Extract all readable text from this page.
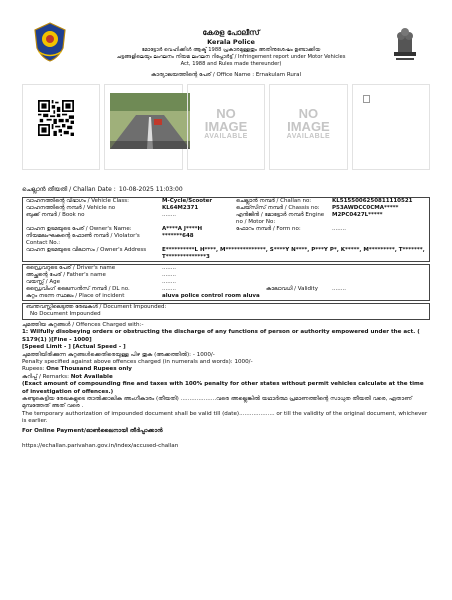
കേരള പോലീസ്
Kerala Police
മോട്ടോർ വെഹിക്കിൾ ആക്ട് 1988 പ്രകാരമുള്ളതും അതിനുശേഷം ഉണ്ടാക്കിയ
ചട്ടങ്ങളിലെയും ലംഘനം നിയമ ലംഘന റിപ്പോർട്ട് / Infringement report under Motor Vehicles
Act, 1988 and Rules made thereunder)
കാര്യാലയത്തിന്റെ പേര് / Office Name : Ernakulam Rural
NO
IMAGE
AVAILABLE
NO
IMAGE
AVAILABLE
ചെല്ലാൻ തീയതി / Challan Date : 10-08-2025 11:03:00
വാഹനത്തിന്റെ വിഭാഗം / Vehicle Class:	M-Cycle/Scooter	ചെല്ലാൻ നമ്പർ / Challan no:	KL5155006250811110521
വാഹനത്തിന്റെ നമ്പർ / Vehicle no	KL64M2371	ചെയ്സിസ് നമ്പർ / Chassis no:	P53AWDCC0CMA*****
ബുക്ക് നമ്പർ / Book no	........	എൻജിൻ / മോട്ടോർ നമ്പർ Engine no / Motor No:
M2PC0427L*****
വാഹന ഉടമയുടെ പേര് / Owner's Name:	A****A J****H	ഫോറം നമ്പർ / Form no:	........
നിയമലംഘകന്റെ ഫോൺ നമ്പർ / Violator's Contact No.:
*******648
വാഹന ഉടമയുടെ വിലാസം / Owner's Address	E**********L H****, M**************, S****Y N****, P***Y P*, K*****, M*********, T*******, T**************3
ഡ്രൈവറുടെ പേര് / Driver's name	........
അച്ഛന്റെ പേര് / Father's name	........
വയസ്സ് / Age	........
ഡ്രൈവിംഗ് ലൈസൻസ് നമ്പർ / DL no.	........	കാലാവധി / Validity	........
കുറ്റം നടന്ന സ്ഥലം / Place of incident	aluva police control room aluva
ബന്തവസ്സിലെടുത്ത രേഖകൾ / Document Impounded:
No Document Impounded
ചുമത്തിയ കുറ്റങ്ങൾ / Offences Charged with:-
1: Wilfully disobeying orders or obstructing the discharge of any functions of person or authority empowered under the act. ( S179(1) )[Fine - 1000]
[Speed Limit - ] [Actual Speed - ]
ചുമത്തിയിരിക്കുന്ന കുറ്റങ്ങൾക്കെതിരെയുള്ള പിഴ തുക (അക്കത്തിൽ): - 1000/-
Penalty specified against above offences charged (in numerals and words): 1000/-
Rupees: One Thousand Rupees only
കുറിപ്പ് / Remarks: Not Available
(Exact amount of compounding fine and taxes with 100% penalty for other states without permit vehicles calculate at the time of investigation of offences.)
കണ്ടുകെട്ടിയ രേഖകളുടെ താൽക്കാലിക അംഗീകാരം (തീയതി) ....................വരെ അല്ലെങ്കിൽ യഥാർത്ഥ പ്രമാണത്തിന്റെ സാധുത തീയതി വരെ, ഏതാണ് മുമ്പത്തേത് അത് വരെ .
The temporary authorization of impounded document shall be valid till (date).................... or till the validity of the original document, whichever is earlier.
For Online Payment/ഓൺലൈനായി തീർപ്പാക്കാൻ
https://echallan.parivahan.gov.in/index/accused-challan
